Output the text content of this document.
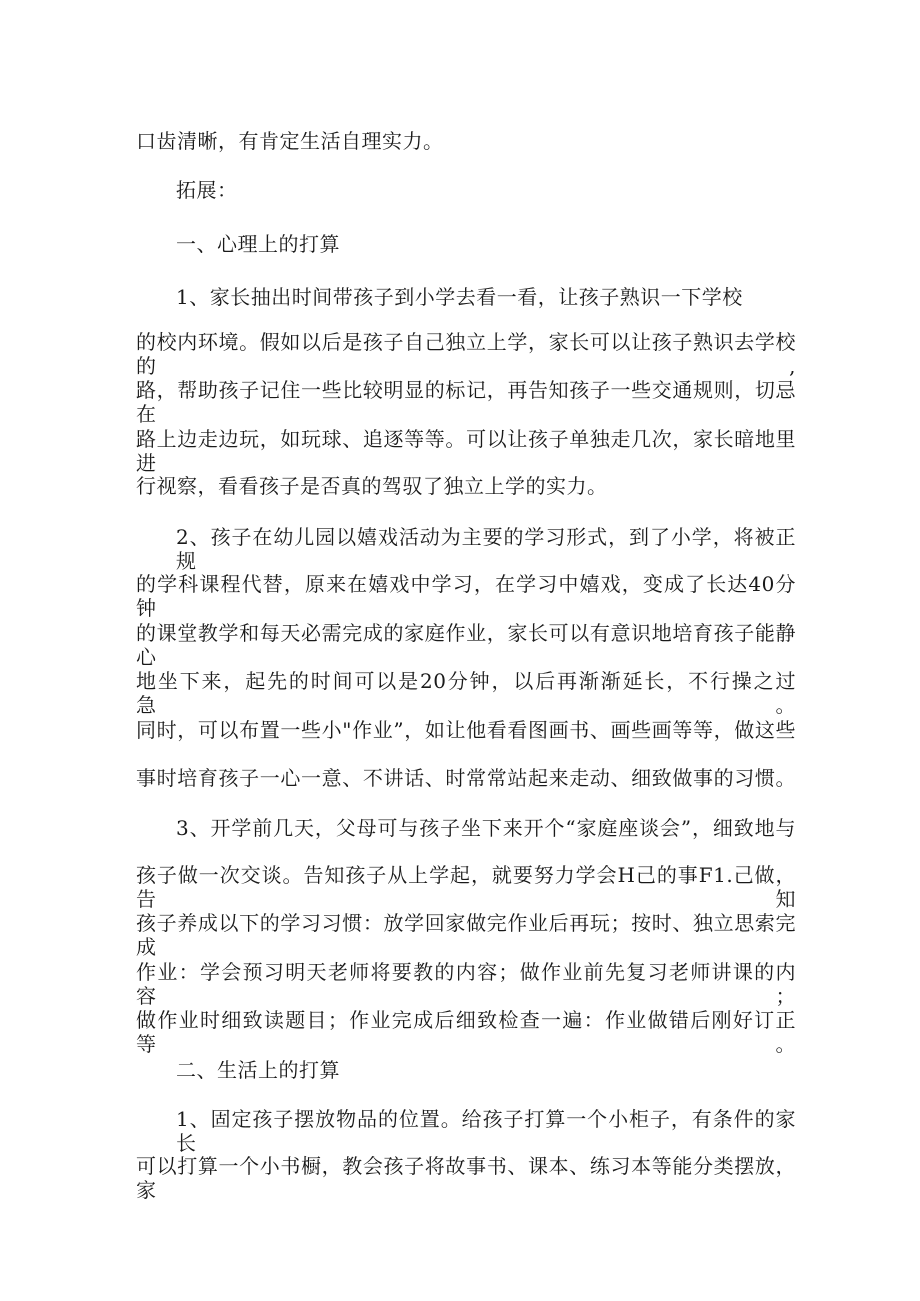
口齿清晰，有肯定生活自理实力。
拓展：
一、心理上的打算
1、家长抽出时间带孩子到小学去看一看，让孩子熟识一下学校
的校内环境。假如以后是孩子自己独立上学，家长可以让孩子熟识去学校的,
路，帮助孩子记住一些比较明显的标记，再告知孩子一些交通规则，切忌在
路上边走边玩，如玩球、追逐等等。可以让孩子单独走几次，家长暗地里进
行视察，看看孩子是否真的驾驭了独立上学的实力。
2、孩子在幼儿园以嬉戏活动为主要的学习形式，到了小学，将被正规
的学科课程代替，原来在嬉戏中学习，在学习中嬉戏，变成了长达40分钟
的课堂教学和每天必需完成的家庭作业，家长可以有意识地培育孩子能静心
地坐下来，起先的时间可以是20分钟，以后再渐渐延长，不行操之过急。
同时，可以布置一些小"作业”，如让他看看图画书、画些画等等，做这些
事时培育孩子一心一意、不讲话、时常常站起来走动、细致做事的习惯。
3、开学前几天，父母可与孩子坐下来开个“家庭座谈会”，细致地与
孩子做一次交谈。告知孩子从上学起，就要努力学会H己的事F1.己做，告知
孩子养成以下的学习习惯：放学回家做完作业后再玩；按时、独立思索完成
作业：学会预习明天老师将要教的内容；做作业前先复习老师讲课的内容；
做作业时细致读题目；作业完成后细致检查一遍：作业做错后刚好订正等。
二、生活上的打算
1、固定孩子摆放物品的位置。给孩子打算一个小柜子，有条件的家长
可以打算一个小书橱，教会孩子将故事书、课本、练习本等能分类摆放，家
